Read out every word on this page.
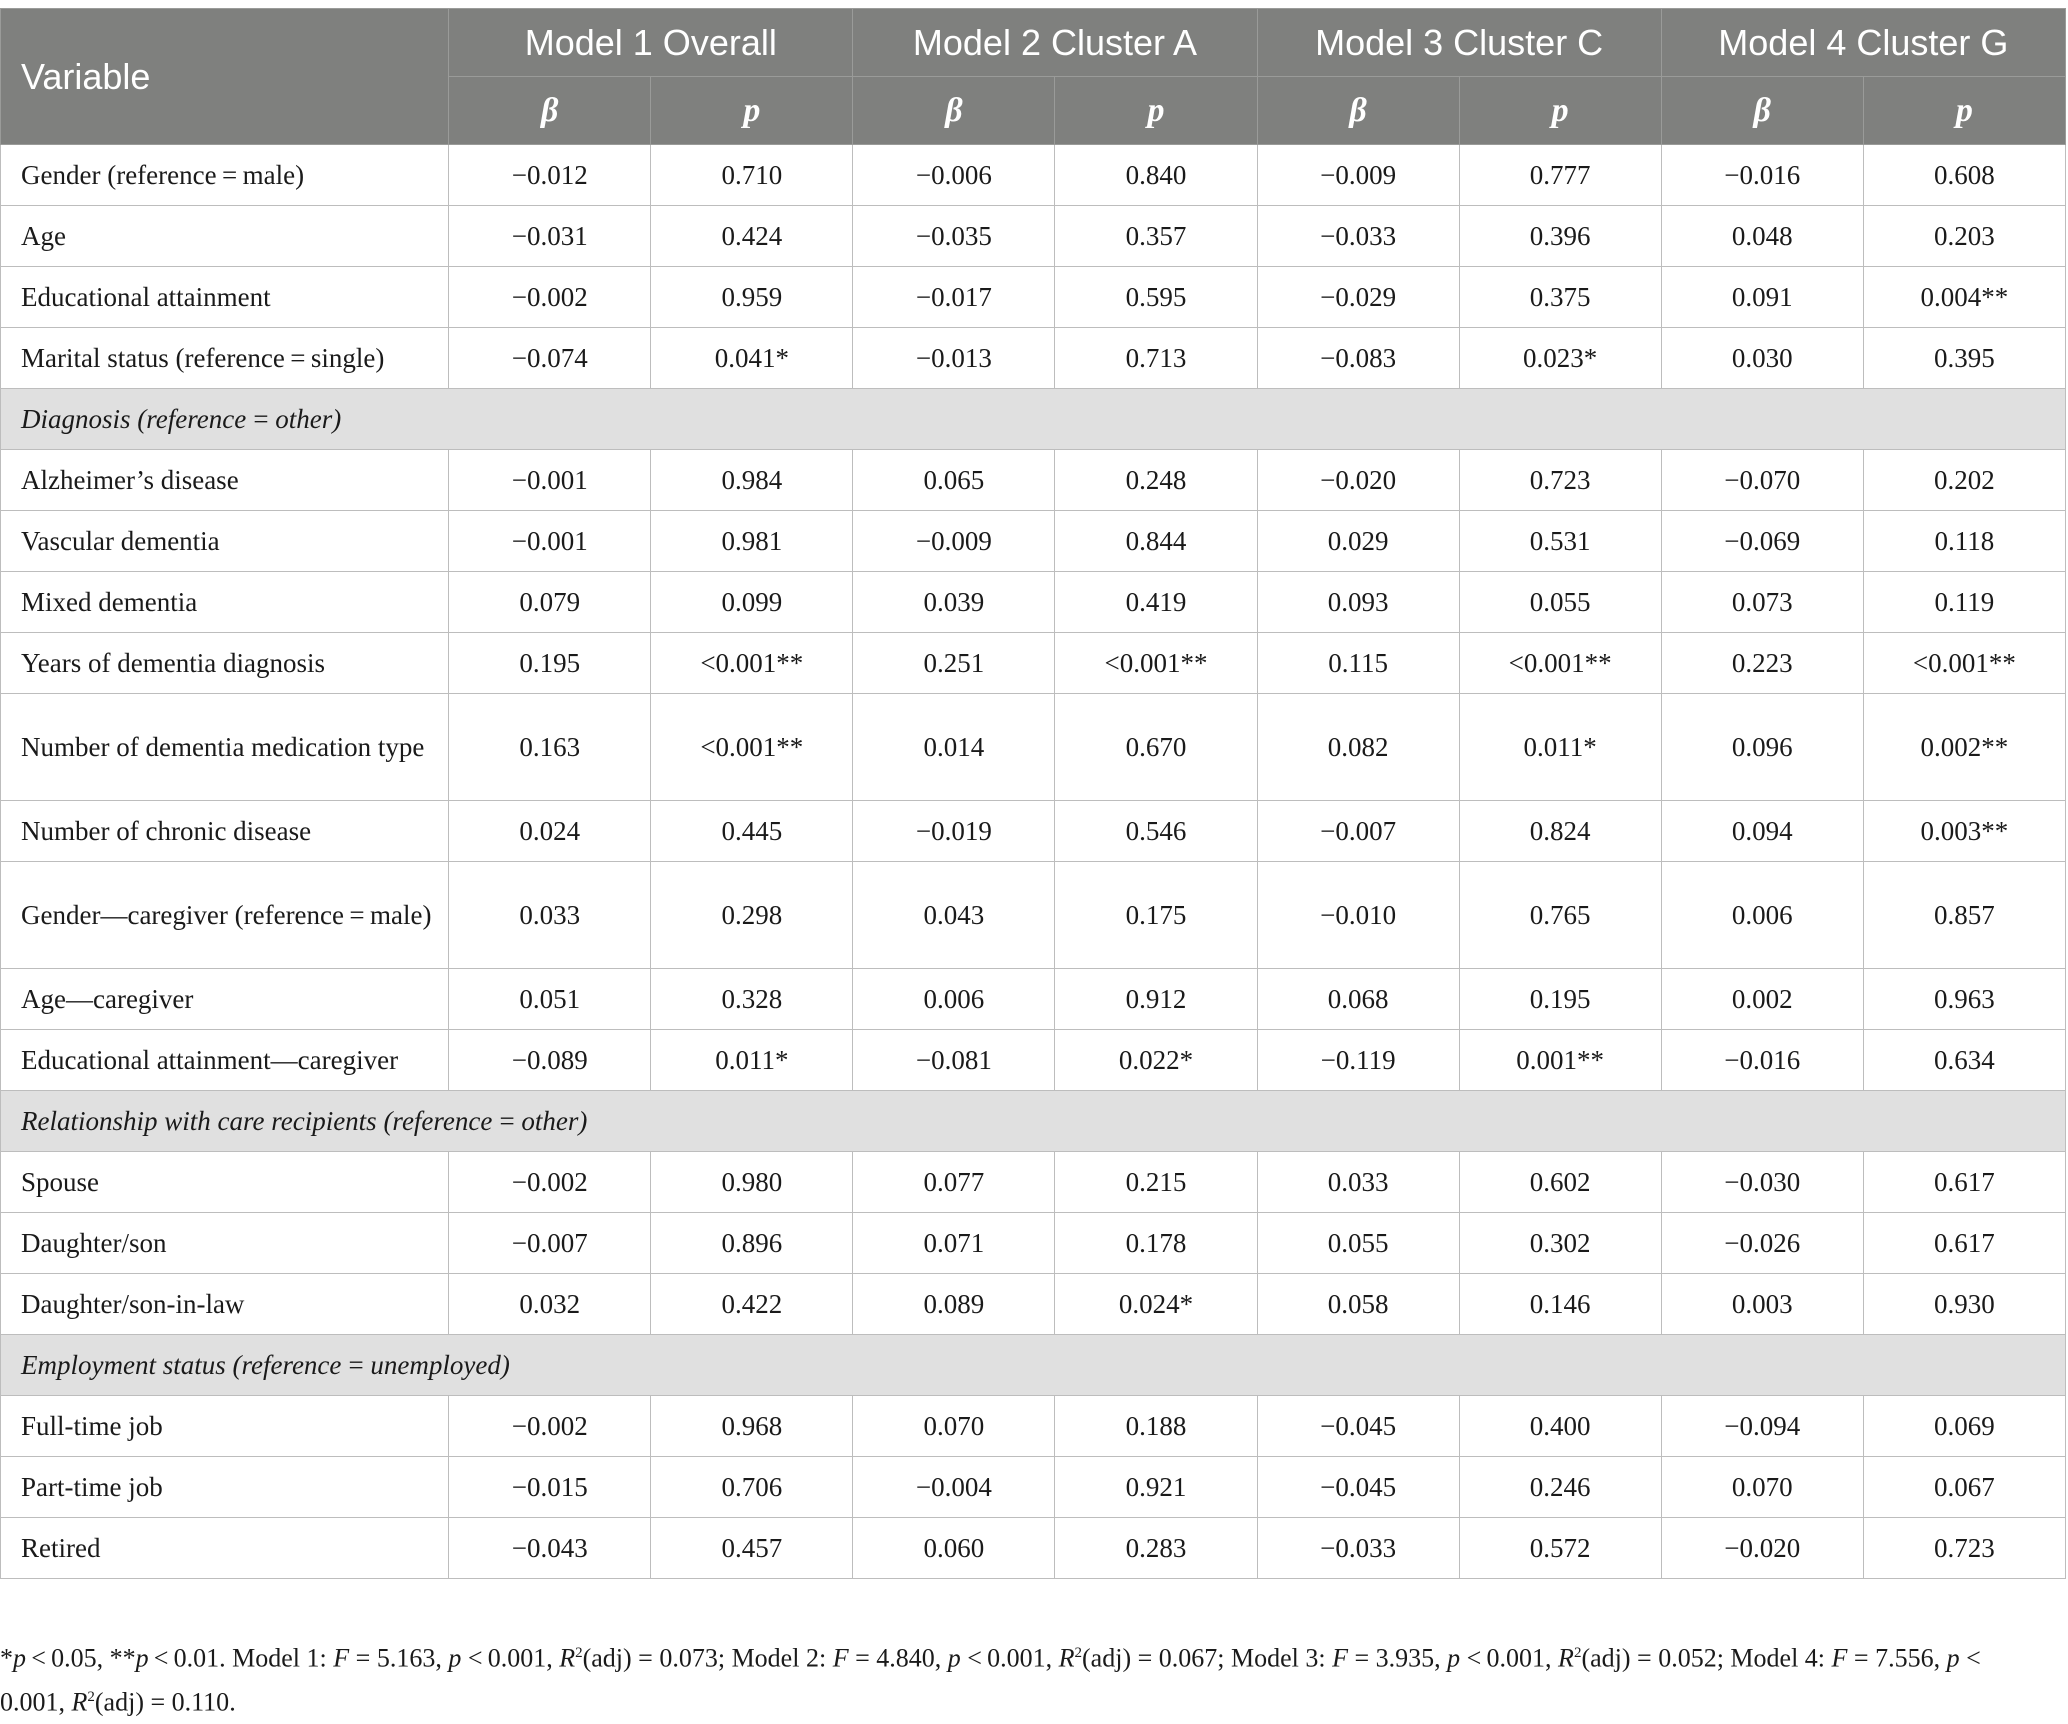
Variable	Model 1 Overall		Model 2 Cluster A		Model 3 Cluster C		Model 4 Cluster G	
	β	p	β	p	β	p	β	p
Gender (reference = male)	−0.012	0.710	−0.006	0.840	−0.009	0.777	−0.016	0.608
Age	−0.031	0.424	−0.035	0.357	−0.033	0.396	0.048	0.203
Educational attainment	−0.002	0.959	−0.017	0.595	−0.029	0.375	0.091	0.004**
Marital status (reference = single)	−0.074	0.041*	−0.013	0.713	−0.083	0.023*	0.030	0.395
Diagnosis (reference = other)								
Alzheimer’s disease	−0.001	0.984	0.065	0.248	−0.020	0.723	−0.070	0.202
Vascular dementia	−0.001	0.981	−0.009	0.844	0.029	0.531	−0.069	0.118
Mixed dementia	0.079	0.099	0.039	0.419	0.093	0.055	0.073	0.119
Years of dementia diagnosis	0.195	<0.001**	0.251	<0.001**	0.115	<0.001**	0.223	<0.001**
Number of dementia medication type	0.163	<0.001**	0.014	0.670	0.082	0.011*	0.096	0.002**
Number of chronic disease	0.024	0.445	−0.019	0.546	−0.007	0.824	0.094	0.003**
Gender—caregiver (reference = male)	0.033	0.298	0.043	0.175	−0.010	0.765	0.006	0.857
Age—caregiver	0.051	0.328	0.006	0.912	0.068	0.195	0.002	0.963
Educational attainment—caregiver	−0.089	0.011*	−0.081	0.022*	−0.119	0.001**	−0.016	0.634
Relationship with care recipients (reference = other)								
Spouse	−0.002	0.980	0.077	0.215	0.033	0.602	−0.030	0.617
Daughter/son	−0.007	0.896	0.071	0.178	0.055	0.302	−0.026	0.617
Daughter/son-in-law	0.032	0.422	0.089	0.024*	0.058	0.146	0.003	0.930
Employment status (reference = unemployed)								
Full-time job	−0.002	0.968	0.070	0.188	−0.045	0.400	−0.094	0.069
Part-time job	−0.015	0.706	−0.004	0.921	−0.045	0.246	0.070	0.067
Retired	−0.043	0.457	0.060	0.283	−0.033	0.572	−0.020	0.723
*p < 0.05, **p < 0.01. Model 1: F = 5.163, p < 0.001, $R^2(adj) = 0.073$; Model 2: F = 4.840, p < 0.001, $R^2(adj) = 0.067$; Model 3: F = 3.935, p < 0.001, $R^2(adj) = 0.052$; Model 4: F = 7.556, p < 0.001, $R^2(adj) = 0.110$.
